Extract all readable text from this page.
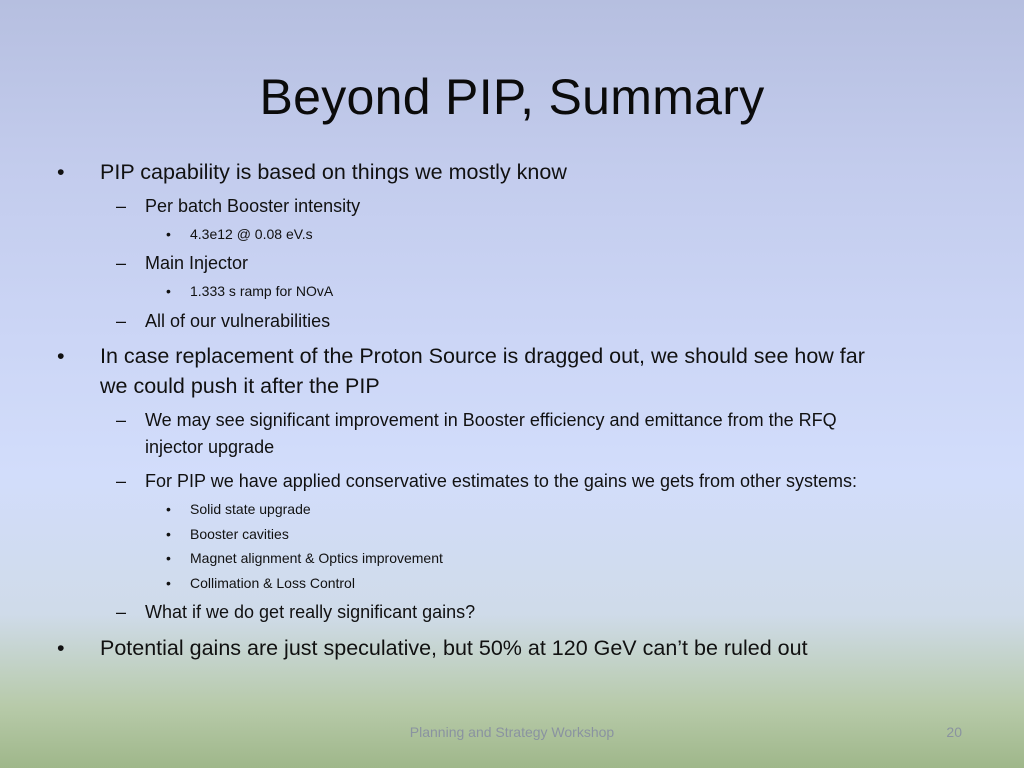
Beyond PIP, Summary
• PIP capability is based on things we mostly know
– Per batch Booster intensity
• 4.3e12 @ 0.08 eV.s
– Main Injector
• 1.333 s ramp for NOvA
– All of our vulnerabilities
• In case replacement of the Proton Source is dragged out, we should see how far
we could push it after the PIP
– We may see significant improvement in Booster efficiency and emittance from the RFQ
injector upgrade
– For PIP we have applied conservative estimates to the gains we gets from other systems:
• Solid state upgrade
• Booster cavities
• Magnet alignment & Optics improvement
• Collimation & Loss Control
– What if we do get really significant gains?
• Potential gains are just speculative, but 50% at 120 GeV can’t be ruled out
Planning and Strategy Workshop	20
